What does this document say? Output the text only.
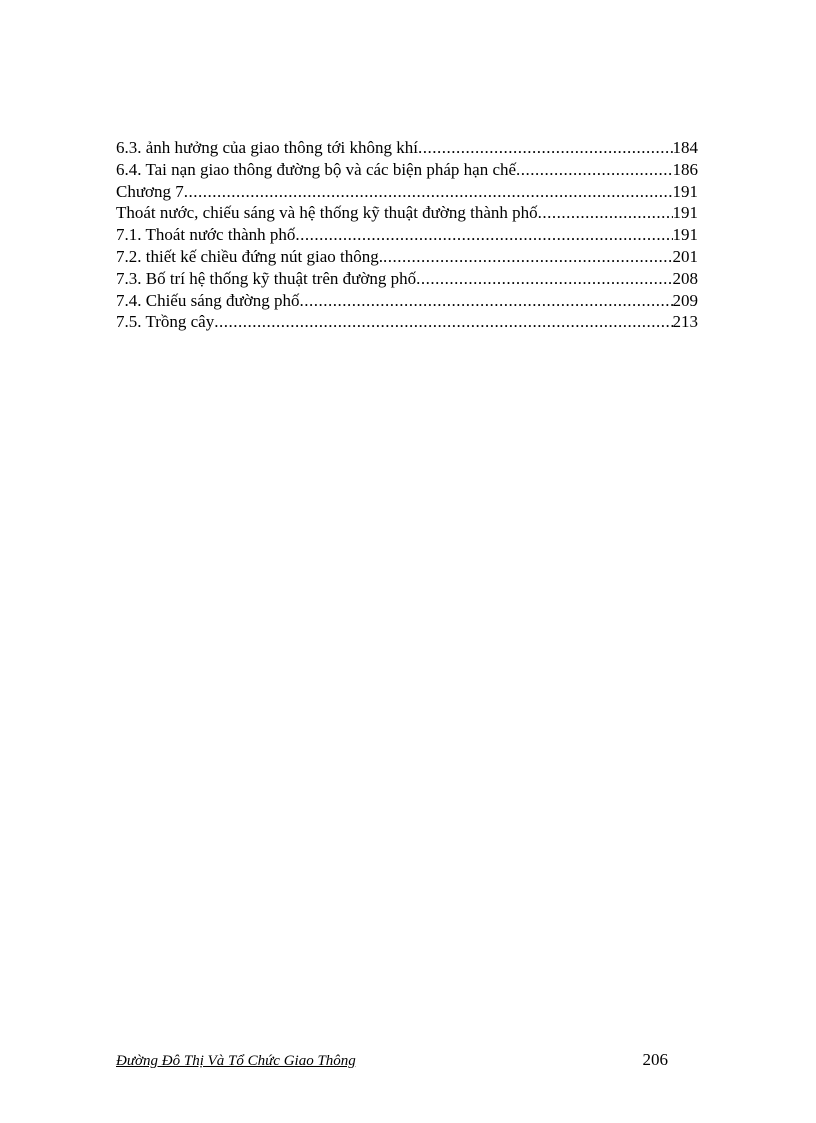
6.3. ảnh hưởng của giao thông tới không khí .....	184
6.4. Tai nạn giao thông đường bộ và các biện pháp hạn chế .....	186
Chương 7 .....	191
Thoát nước, chiếu sáng và hệ thống kỹ thuật đường thành phố .....	191
7.1. Thoát nước thành phố .....	191
7.2. thiết kế chiều đứng nút giao thông. .....	201
7.3. Bố trí hệ thống kỹ thuật trên đường phố .....	208
7.4. Chiếu sáng đường phố .....	209
7.5. Trồng cây .....	213
Đường Đô Thị Và Tổ Chức Giao Thông	206
